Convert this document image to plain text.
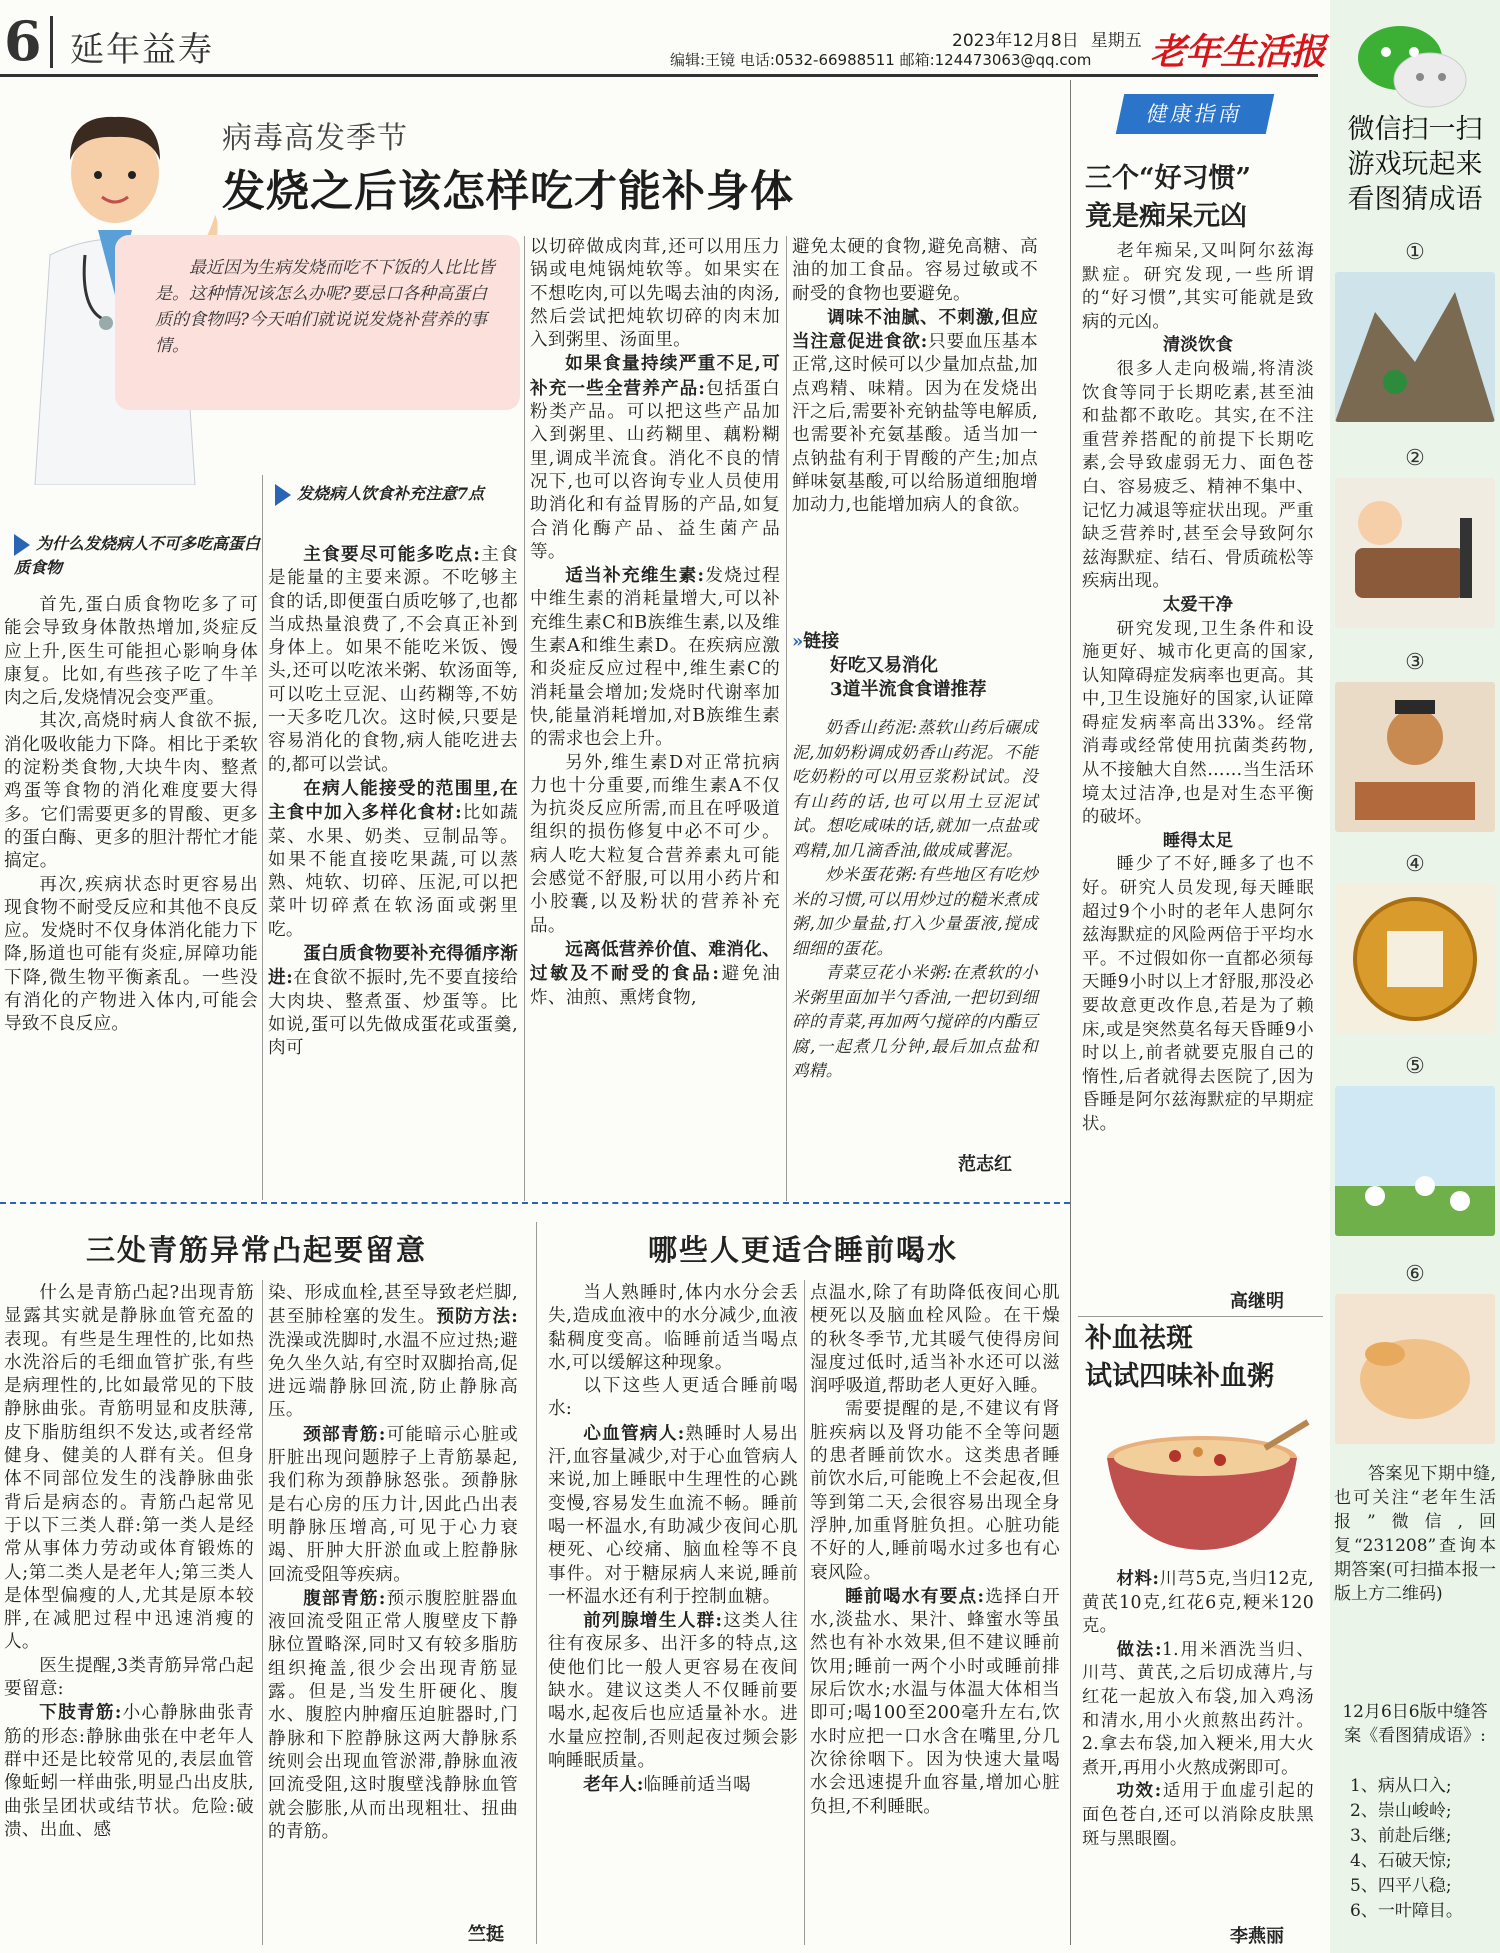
6 延年益寿	2023年12月8日 星期五
编辑:王镜 电话:0532-66988511 邮箱:124473063@qq.com 老年生活报
病毒高发季节
发烧之后该怎样吃才能补身体
最近因为生病发烧而吃不下饭的人比比皆是。这种情况该怎么办呢?要忌口各种高蛋白质的食物吗?今天咱们就说说发烧补营养的事情。
为什么发烧病人不可多吃高蛋白质食物
发烧病人饮食补充注意7点

首先,蛋白质食物吃多了可能会导致身体散热增加,炎症反应上升,医生可能担心影响身体康复。比如,有些孩子吃了牛羊肉之后,发烧情况会变严重。

其次,高烧时病人食欲不振,消化吸收能力下降。相比于柔软的淀粉类食物,大块牛肉、整煮鸡蛋等食物的消化难度要大得多。它们需要更多的胃酸、更多的蛋白酶、更多的胆汁帮忙才能搞定。

再次,疾病状态时更容易出现食物不耐受反应和其他不良反应。发烧时不仅身体消化能力下降,肠道也可能有炎症,屏障功能下降,微生物平衡紊乱。一些没有消化的产物进入体内,可能会导致不良反应。

主食要尽可能多吃点:主食是能量的主要来源。不吃够主食的话,即便蛋白质吃够了,也都当成热量浪费了,不会真正补到身体上。如果不能吃米饭、馒头,还可以吃浓米粥、软汤面等,可以吃土豆泥、山药糊等,不妨一天多吃几次。这时候,只要是容易消化的食物,病人能吃进去的,都可以尝试。

在病人能接受的范围里,在主食中加入多样化食材:比如蔬菜、水果、奶类、豆制品等。如果不能直接吃果蔬,可以蒸熟、炖软、切碎、压泥,可以把菜叶切碎煮在软汤面或粥里吃。

蛋白质食物要补充得循序渐进:在食欲不振时,先不要直接给大肉块、整煮蛋、炒蛋等。比如说,蛋可以先做成蛋花或蛋羹,肉可

以切碎做成肉茸,还可以用压力锅或电炖锅炖软等。如果实在不想吃肉,可以先喝去油的肉汤,然后尝试把炖软切碎的肉末加入到粥里、汤面里。

如果食量持续严重不足,可补充一些全营养产品:包括蛋白粉类产品。可以把这些产品加入到粥里、山药糊里、藕粉糊里,调成半流食。消化不良的情况下,也可以咨询专业人员使用助消化和有益胃肠的产品,如复合消化酶产品、益生菌产品等。

适当补充维生素:发烧过程中维生素的消耗量增大,可以补充维生素C和B族维生素,以及维生素A和维生素D。在疾病应激和炎症反应过程中,维生素C的消耗量会增加;发烧时代谢率加快,能量消耗增加,对B族维生素的需求也会上升。

另外,维生素D对正常抗病力也十分重要,而维生素A不仅为抗炎反应所需,而且在呼吸道组织的损伤修复中必不可少。病人吃大粒复合营养素丸可能会感觉不舒服,可以用小药片和小胶囊,以及粉状的营养补充品。

远离低营养价值、难消化、过敏及不耐受的食品:避免油炸、油煎、熏烤食物,

避免太硬的食物,避免高糖、高油的加工食品。容易过敏或不耐受的食物也要避免。

调味不油腻、不刺激,但应当注意促进食欲:只要血压基本正常,这时候可以少量加点盐,加点鸡精、味精。因为在发烧出汗之后,需要补充钠盐等电解质,也需要补充氨基酸。适当加一点钠盐有利于胃酸的产生;加点鲜味氨基酸,可以给肠道细胞增加动力,也能增加病人的食欲。

»链接
好吃又易消化
3道半流食食谱推荐

奶香山药泥:蒸软山药后碾成泥,加奶粉调成奶香山药泥。不能吃奶粉的可以用豆浆粉试试。没有山药的话,也可以用土豆泥试试。想吃咸味的话,就加一点盐或鸡精,加几滴香油,做成咸薯泥。

炒米蛋花粥:有些地区有吃炒米的习惯,可以用炒过的糙米煮成粥,加少量盐,打入少量蛋液,搅成细细的蛋花。

青菜豆花小米粥:在煮软的小米粥里面加半勺香油,一把切到细碎的青菜,再加两勺搅碎的内酯豆腐,一起煮几分钟,最后加点盐和鸡精。

范志红
三处青筋异常凸起要留意

什么是青筋凸起?出现青筋显露其实就是静脉血管充盈的表现。有些是生理性的,比如热水洗浴后的毛细血管扩张,有些是病理性的,比如最常见的下肢静脉曲张。青筋明显和皮肤薄,皮下脂肪组织不发达,或者经常健身、健美的人群有关。但身体不同部位发生的浅静脉曲张背后是病态的。青筋凸起常见于以下三类人群:第一类人是经常从事体力劳动或体育锻炼的人;第二类人是老年人;第三类人是体型偏瘦的人,尤其是原本较胖,在减肥过程中迅速消瘦的人。

医生提醒,3类青筋异常凸起要留意:

下肢青筋:小心静脉曲张青筋的形态:静脉曲张在中老年人群中还是比较常见的,表层血管像蚯蚓一样曲张,明显凸出皮肤,曲张呈团状或结节状。危险:破溃、出血、感

染、形成血栓,甚至导致老烂脚,甚至肺栓塞的发生。预防方法:洗澡或洗脚时,水温不应过热;避免久坐久站,有空时双脚抬高,促进远端静脉回流,防止静脉高压。

颈部青筋:可能暗示心脏或肝脏出现问题脖子上青筋暴起,我们称为颈静脉怒张。颈静脉是右心房的压力计,因此凸出表明静脉压增高,可见于心力衰竭、肝肿大肝淤血或上腔静脉回流受阻等疾病。

腹部青筋:预示腹腔脏器血液回流受阻正常人腹壁皮下静脉位置略深,同时又有较多脂肪组织掩盖,很少会出现青筋显露。但是,当发生肝硬化、腹水、腹腔内肿瘤压迫脏器时,门静脉和下腔静脉这两大静脉系统则会出现血管淤滞,静脉血液回流受阻,这时腹壁浅静脉血管就会膨胀,从而出现粗壮、扭曲的青筋。

竺挺
哪些人更适合睡前喝水

当人熟睡时,体内水分会丢失,造成血液中的水分减少,血液黏稠度变高。临睡前适当喝点水,可以缓解这种现象。

以下这些人更适合睡前喝水:

心血管病人:熟睡时人易出汗,血容量减少,对于心血管病人来说,加上睡眠中生理性的心跳变慢,容易发生血流不畅。睡前喝一杯温水,有助减少夜间心肌梗死、心绞痛、脑血栓等不良事件。对于糖尿病人来说,睡前一杯温水还有利于控制血糖。

前列腺增生人群:这类人往往有夜尿多、出汗多的特点,这使他们比一般人更容易在夜间缺水。建议这类人不仅睡前要喝水,起夜后也应适量补水。进水量应控制,否则起夜过频会影响睡眠质量。

老年人:临睡前适当喝

点温水,除了有助降低夜间心肌梗死以及脑血栓风险。在干燥的秋冬季节,尤其暖气使得房间湿度过低时,适当补水还可以滋润呼吸道,帮助老人更好入睡。

需要提醒的是,不建议有肾脏疾病以及肾功能不全等问题的患者睡前饮水。这类患者睡前饮水后,可能晚上不会起夜,但等到第二天,会很容易出现全身浮肿,加重肾脏负担。心脏功能不好的人,睡前喝水过多也有心衰风险。

睡前喝水有要点:选择白开水,淡盐水、果汁、蜂蜜水等虽然也有补水效果,但不建议睡前饮用;睡前一两个小时或睡前排尿后饮水;水温与体温大体相当即可;喝100至200毫升左右,饮水时应把一口水含在嘴里,分几次徐徐咽下。因为快速大量喝水会迅速提升血容量,增加心脏负担,不利睡眠。

健康指南
三个“好习惯”
竟是痴呆元凶

老年痴呆,又叫阿尔兹海默症。研究发现,一些所谓的“好习惯”,其实可能就是致病的元凶。

清淡饮食

很多人走向极端,将清淡饮食等同于长期吃素,甚至油和盐都不敢吃。其实,在不注重营养搭配的前提下长期吃素,会导致虚弱无力、面色苍白、容易疲乏、精神不集中、记忆力减退等症状出现。严重缺乏营养时,甚至会导致阿尔兹海默症、结石、骨质疏松等疾病出现。

太爱干净

研究发现,卫生条件和设施更好、城市化更高的国家,认知障碍症发病率也更高。其中,卫生设施好的国家,认证障碍症发病率高出33%。经常消毒或经常使用抗菌类药物,从不接触大自然……当生活环境太过洁净,也是对生态平衡的破坏。

睡得太足

睡少了不好,睡多了也不好。研究人员发现,每天睡眠超过9个小时的老年人患阿尔兹海默症的风险两倍于平均水平。不过假如你一直都必须每天睡9小时以上才舒服,那没必要故意更改作息,若是为了赖床,或是突然莫名每天昏睡9小时以上,前者就要克服自己的惰性,后者就得去医院了,因为昏睡是阿尔兹海默症的早期症状。

高继明
补血祛斑
试试四味补血粥

材料:川芎5克,当归12克,黄芪10克,红花6克,粳米120克。

做法:1.用米酒洗当归、川芎、黄芪,之后切成薄片,与红花一起放入布袋,加入鸡汤和清水,用小火煎熬出药汁。2.拿去布袋,加入粳米,用大火煮开,再用小火熬成粥即可。

功效:适用于血虚引起的面色苍白,还可以消除皮肤黑斑与黑眼圈。

李燕丽
微信扫一扫游戏玩起来看图猜成语
①
②
③
④
⑤
⑥
答案见下期中缝,也可关注“老年生活报”微信,回复“231208”查询本期答案(可扫描本报一版上方二维码)
12月6日6版中缝答案《看图猜成语》:
1、病从口入;
2、崇山峻岭;
3、前赴后继;
4、石破天惊;
5、四平八稳;
6、一叶障目。
